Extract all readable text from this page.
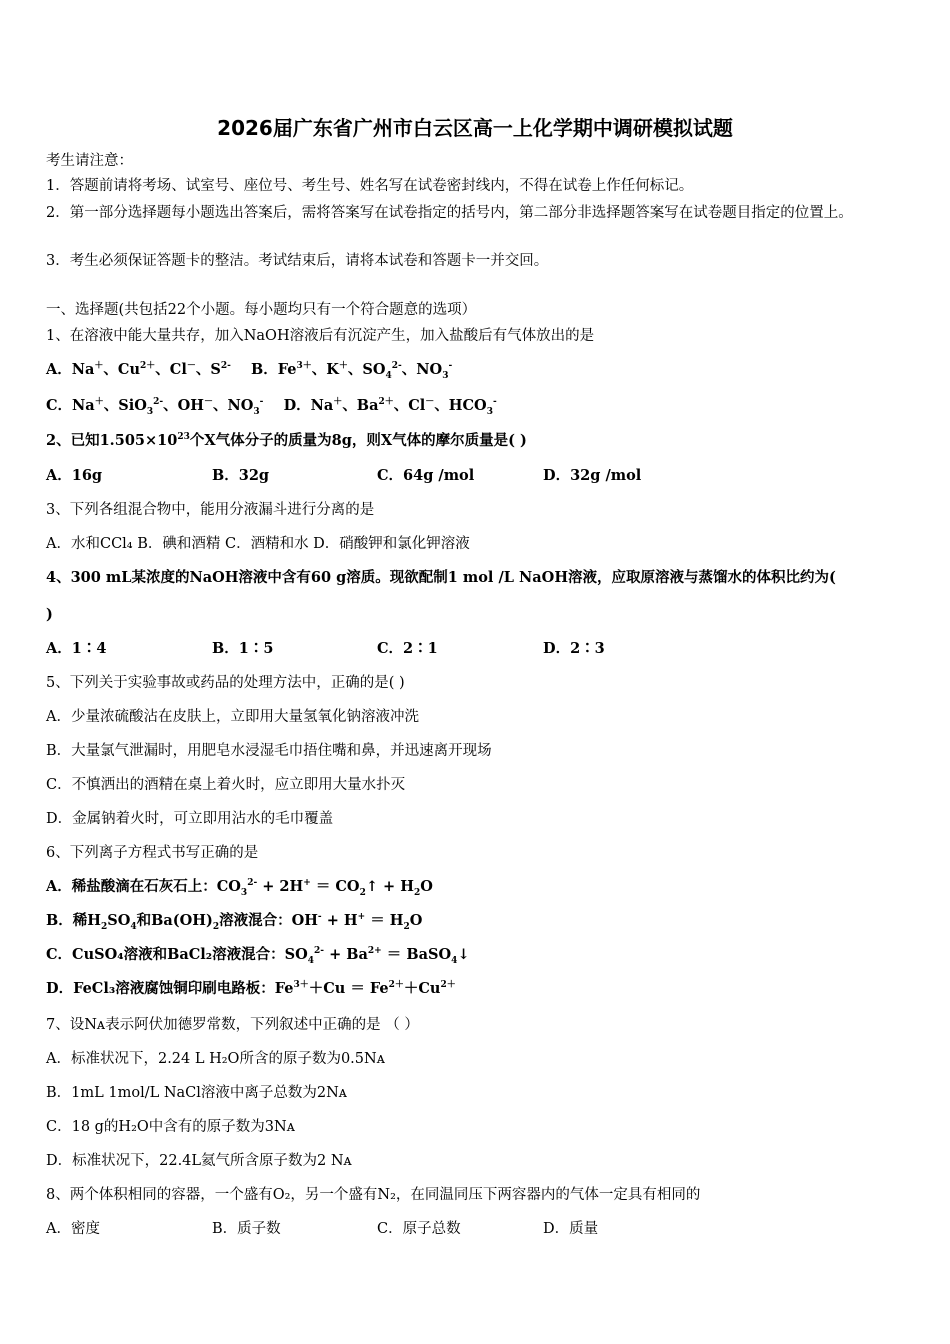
2026届广东省广州市白云区高一上化学期中调研模拟试题
考生请注意：
1．答题前请将考场、试室号、座位号、考生号、姓名写在试卷密封线内，不得在试卷上作任何标记。
2．第一部分选择题每小题选出答案后，需将答案写在试卷指定的括号内，第二部分非选择题答案写在试卷题目指定的位置上。
3．考生必须保证答题卡的整洁。考试结束后，请将本试卷和答题卡一并交回。
一、选择题(共包括22个小题。每小题均只有一个符合题意的选项）
1、在溶液中能大量共存，加入NaOH溶液后有沉淀产生，加入盐酸后有气体放出的是
A．Na＋、$Cu^{2+}$、Cl－、$S^{2-}$    B．$Fe^{3+}$、K＋、$SO_4^{2-}$、$NO_3^-$
C．Na＋、SiO$_3^{2-}$、OH－、$NO_3^-$    D．Na＋、$Ba^{2+}$、Cl－、$HCO_3^-$
2、已知$1.505\times 10^{23}$个X气体分子的质量为8g，则X气体的摩尔质量是( )
A．16g	B．32g	C．64g /mol	D．32g /mol
3、下列各组混合物中，能用分液漏斗进行分离的是
A．水和CCl₄ B．碘和酒精 C．酒精和水 D．硝酸钾和氯化钾溶液
4、300 mL某浓度的NaOH溶液中含有60 g溶质。现欲配制1 mol /L NaOH溶液，应取原溶液与蒸馏水的体积比约为(
)
A．1∶4	B．1∶5	C．2∶1	D．2∶3
5、下列关于实验事故或药品的处理方法中，正确的是( )
A．少量浓硫酸沾在皮肤上，立即用大量氢氧化钠溶液冲洗
B．大量氯气泄漏时，用肥皂水浸湿毛巾捂住嘴和鼻，并迅速离开现场
C．不慎洒出的酒精在桌上着火时，应立即用大量水扑灭
D．金属钠着火时，可立即用沾水的毛巾覆盖
6、下列离子方程式书写正确的是
A．稀盐酸滴在石灰石上：$CO_3^{2-} + 2H^+$ ＝ $CO_2↑ + H_2O$
B．稀$H_2SO_4$和$Ba(OH)_2$溶液混合：$OH^- + H^+ = H_2O$
C．CuSO₄溶液和BaCl₂溶液混合：$SO_4^{2-} + Ba^{2+}$ ＝ BaSO$_4$↓
D．FeCl₃溶液腐蚀铜印刷电路板：$Fe^{3+}+Cu = Fe^{2+}+Cu^{2+}$
7、设Nᴀ表示阿伏加德罗常数，下列叙述中正确的是 （ ）
A．标准状况下，2.24 L H₂O所含的原子数为0.5Nᴀ
B．1mL 1mol/L NaCl溶液中离子总数为2Nᴀ
C．18 g的H₂O中含有的原子数为3Nᴀ
D．标准状况下，22.4L氦气所含原子数为2 Nᴀ
8、两个体积相同的容器，一个盛有O₂，另一个盛有N₂，在同温同压下两容器内的气体一定具有相同的
A．密度	B．质子数	C．原子总数	D．质量
